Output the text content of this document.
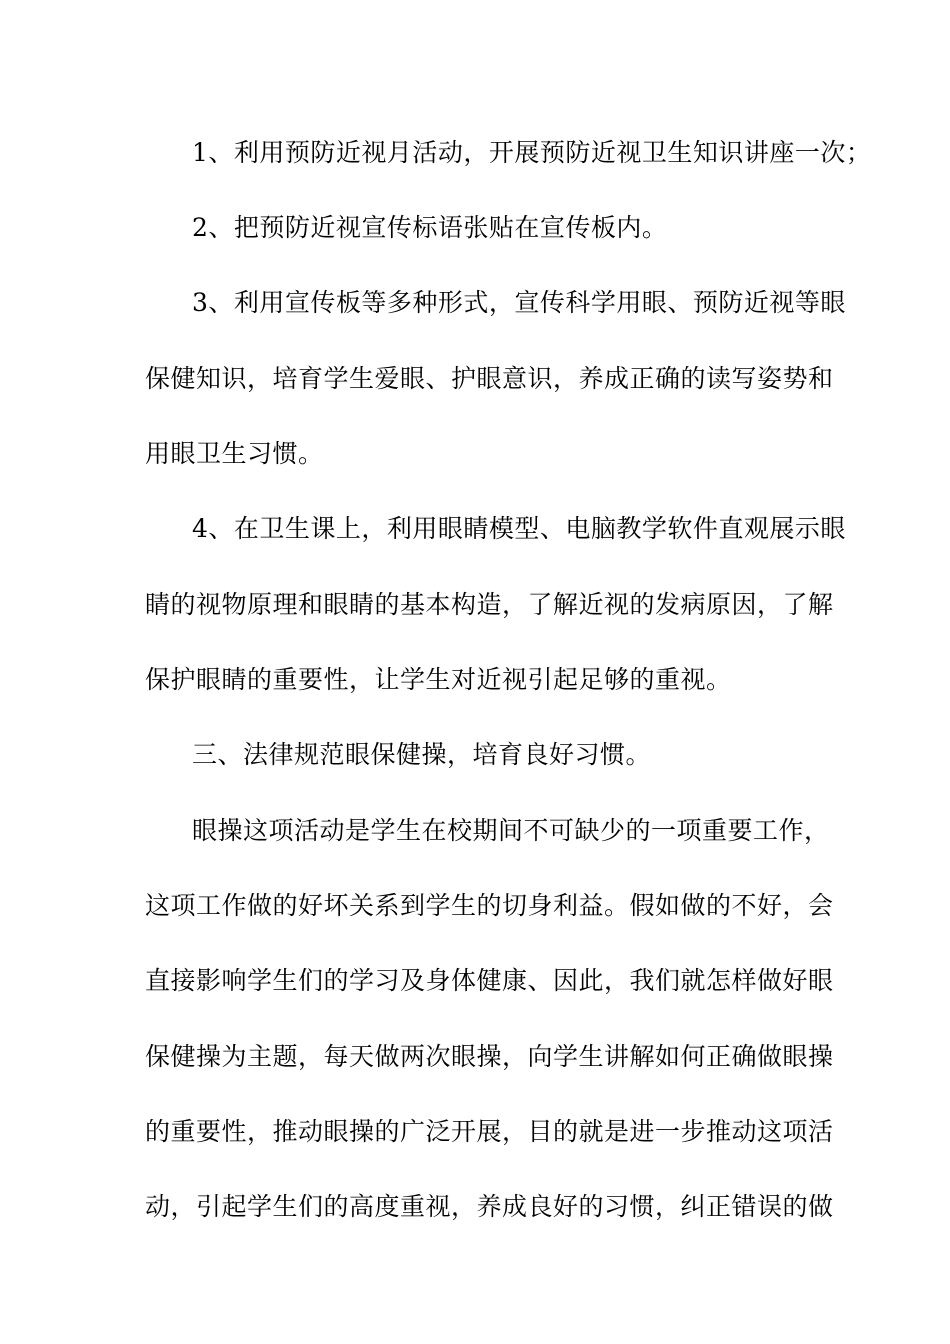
1、利用预防近视月活动，开展预防近视卫生知识讲座一次；
2、把预防近视宣传标语张贴在宣传板内。
3、利用宣传板等多种形式，宣传科学用眼、预防近视等眼
保健知识，培育学生爱眼、护眼意识，养成正确的读写姿势和
用眼卫生习惯。
4、在卫生课上，利用眼睛模型、电脑教学软件直观展示眼
睛的视物原理和眼睛的基本构造，了解近视的发病原因，了解
保护眼睛的重要性，让学生对近视引起足够的重视。
三、法律规范眼保健操，培育良好习惯。
眼操这项活动是学生在校期间不可缺少的一项重要工作，
这项工作做的好坏关系到学生的切身利益。假如做的不好，会
直接影响学生们的学习及身体健康、因此，我们就怎样做好眼
保健操为主题，每天做两次眼操，向学生讲解如何正确做眼操
的重要性，推动眼操的广泛开展，目的就是进一步推动这项活
动，引起学生们的高度重视，养成良好的习惯，纠正错误的做
